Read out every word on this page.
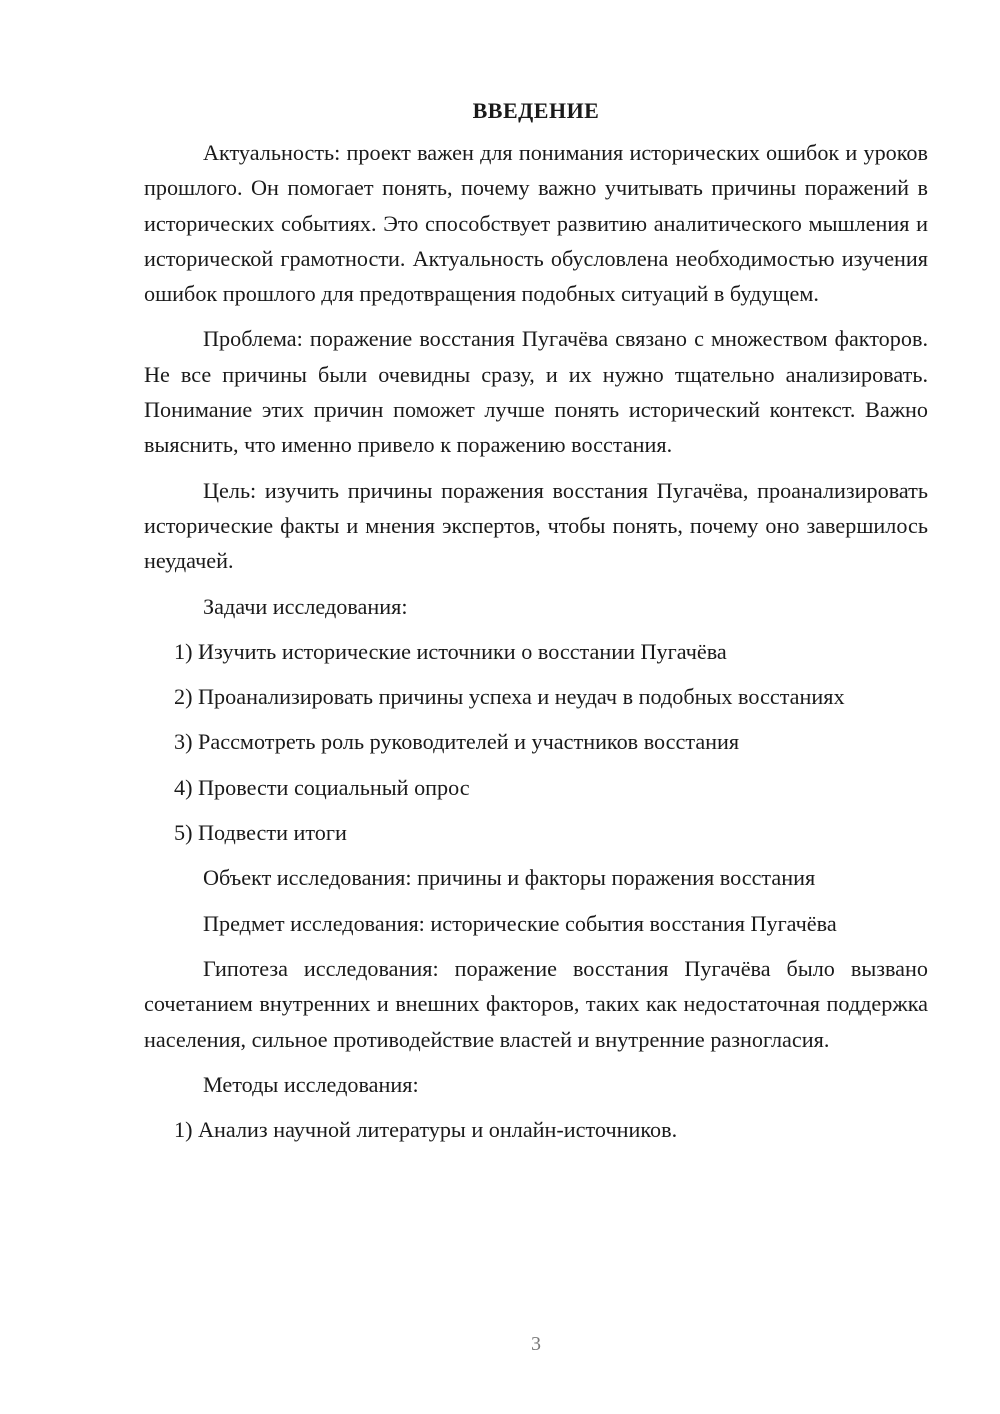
ВВЕДЕНИЕ

Актуальность: проект важен для понимания исторических ошибок и уроков прошлого. Он помогает понять, почему важно учитывать причины поражений в исторических событиях. Это способствует развитию аналитического мышления и исторической грамотности. Актуальность обусловлена необходимостью изучения ошибок прошлого для предотвращения подобных ситуаций в будущем.

Проблема: поражение восстания Пугачёва связано с множеством факторов. Не все причины были очевидны сразу, и их нужно тщательно анализировать. Понимание этих причин поможет лучше понять исторический контекст. Важно выяснить, что именно привело к поражению восстания.

Цель: изучить причины поражения восстания Пугачёва, проанализировать исторические факты и мнения экспертов, чтобы понять, почему оно завершилось неудачей.

Задачи исследования:
1) Изучить исторические источники о восстании Пугачёва
2) Проанализировать причины успеха и неудач в подобных восстаниях
3) Рассмотреть роль руководителей и участников восстания
4) Провести социальный опрос
5) Подвести итоги
Объект исследования: причины и факторы поражения восстания
Предмет исследования: исторические события восстания Пугачёва

Гипотеза исследования: поражение восстания Пугачёва было вызвано сочетанием внутренних и внешних факторов, таких как недостаточная поддержка населения, сильное противодействие властей и внутренние разногласия.

Методы исследования:
1) Анализ научной литературы и онлайн-источников.
3
